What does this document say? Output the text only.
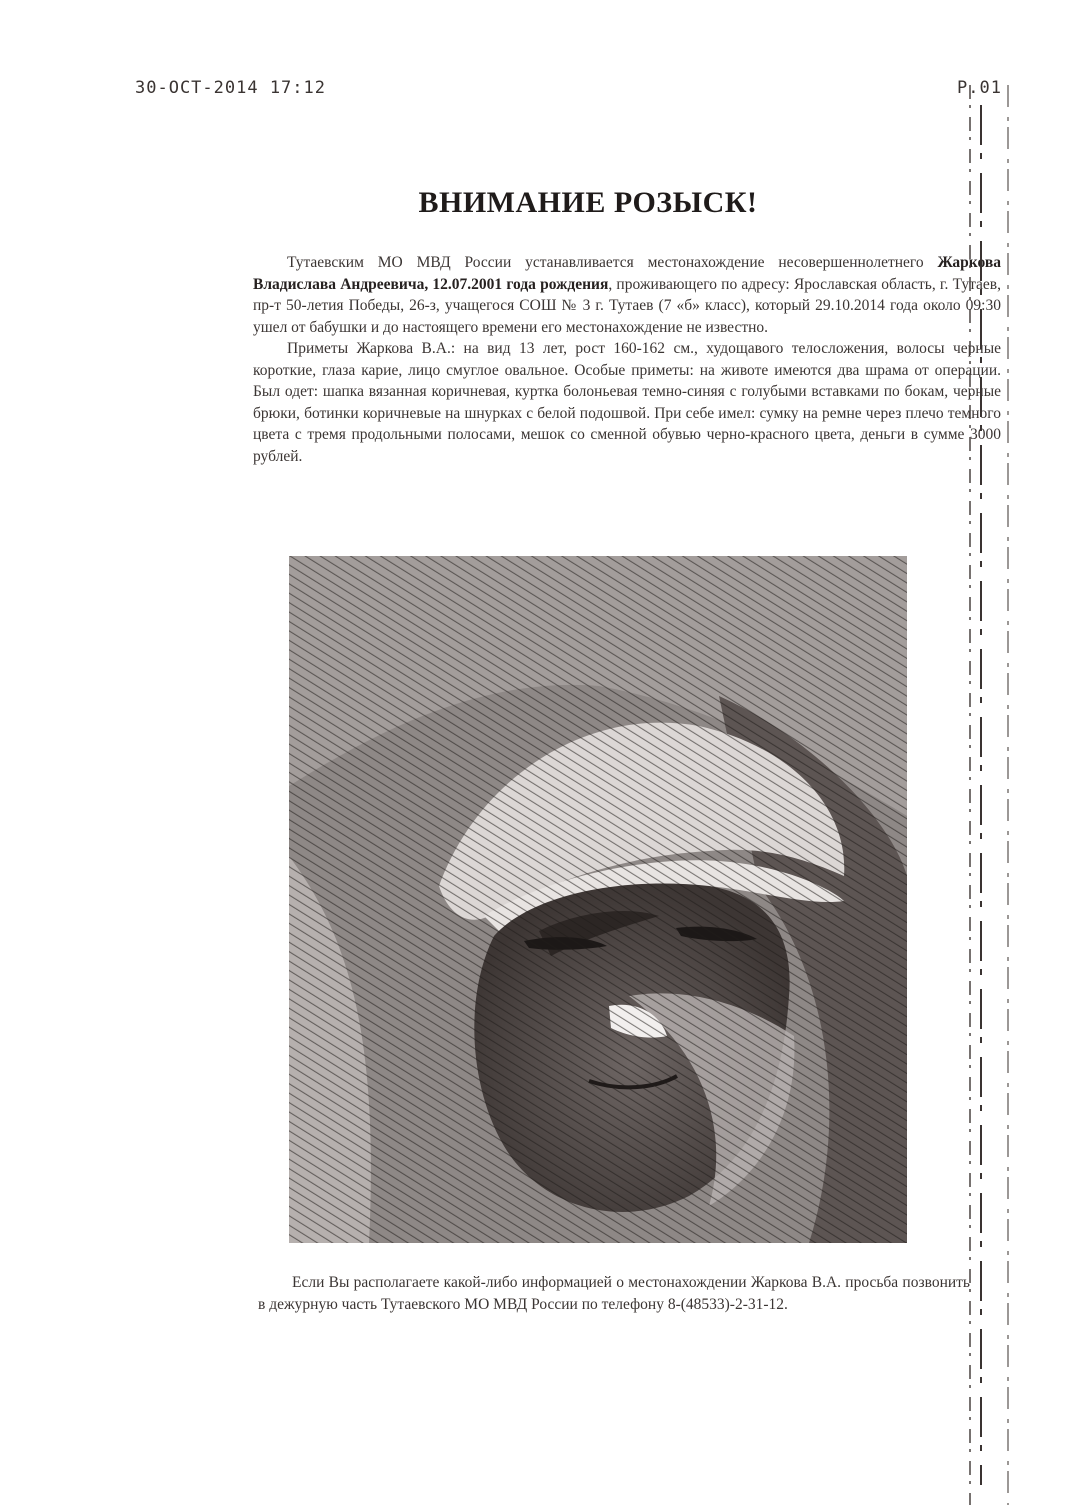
30-OCT-2014 17:12	P.01
ВНИМАНИЕ РОЗЫСК!

Тутаевским МО МВД России устанавливается местонахождение несовершеннолетнего Жаркова Владислава Андреевича, 12.07.2001 года рождения, проживающего по адресу: Ярославская область, г. Тутаев, пр-т 50-летия Победы, 26-з, учащегося СОШ № 3 г. Тутаев (7 «б» класс), который 29.10.2014 года около 09:30 ушел от бабушки и до настоящего времени его местонахождение не известно.

Приметы Жаркова В.А.: на вид 13 лет, рост 160-162 см., худощавого телосложения, волосы черные короткие, глаза карие, лицо смуглое овальное. Особые приметы: на животе имеются два шрама от операции. Был одет: шапка вязанная коричневая, куртка болоньевая темно-синяя с голубыми вставками по бокам, черные брюки, ботинки коричневые на шнурках с белой подошвой. При себе имел: сумку на ремне через плечо темного цвета с тремя продольными полосами, мешок со сменной обувью черно-красного цвета, деньги в сумме 3000 рублей.

Если Вы располагаете какой-либо информацией о местонахождении Жаркова В.А. просьба позвонить в дежурную часть Тутаевского МО МВД России по телефону 8-(48533)-2-31-12.
